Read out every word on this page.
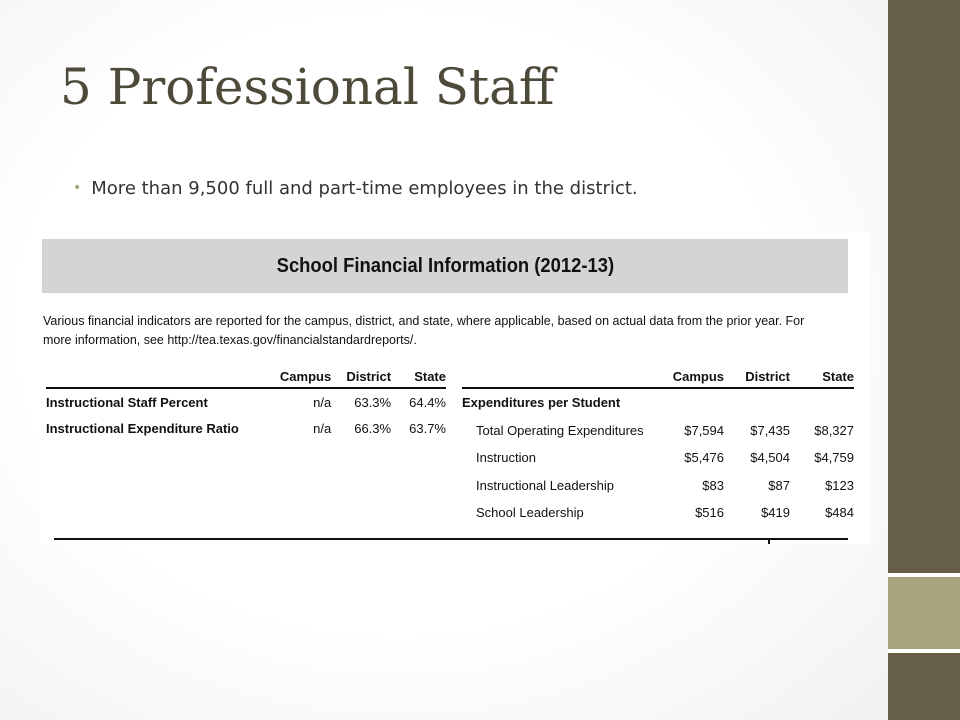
5 Professional Staff
• More than 9,500 full and part-time employees in the district.
School Financial Information (2012-13)
Various financial indicators are reported for the campus, district, and state, where applicable, based on actual data from the prior year. For more information, see http://tea.texas.gov/financialstandardreports/.
	Campus	District	State
Instructional Staff Percent	n/a	63.3%	64.4%
Instructional Expenditure Ratio	n/a	66.3%	63.7%
	Campus	District	State
Expenditures per Student			
Total Operating Expenditures	$7,594	$7,435	$8,327
Instruction	$5,476	$4,504	$4,759
Instructional Leadership	$83	$87	$123
School Leadership	$516	$419	$484
